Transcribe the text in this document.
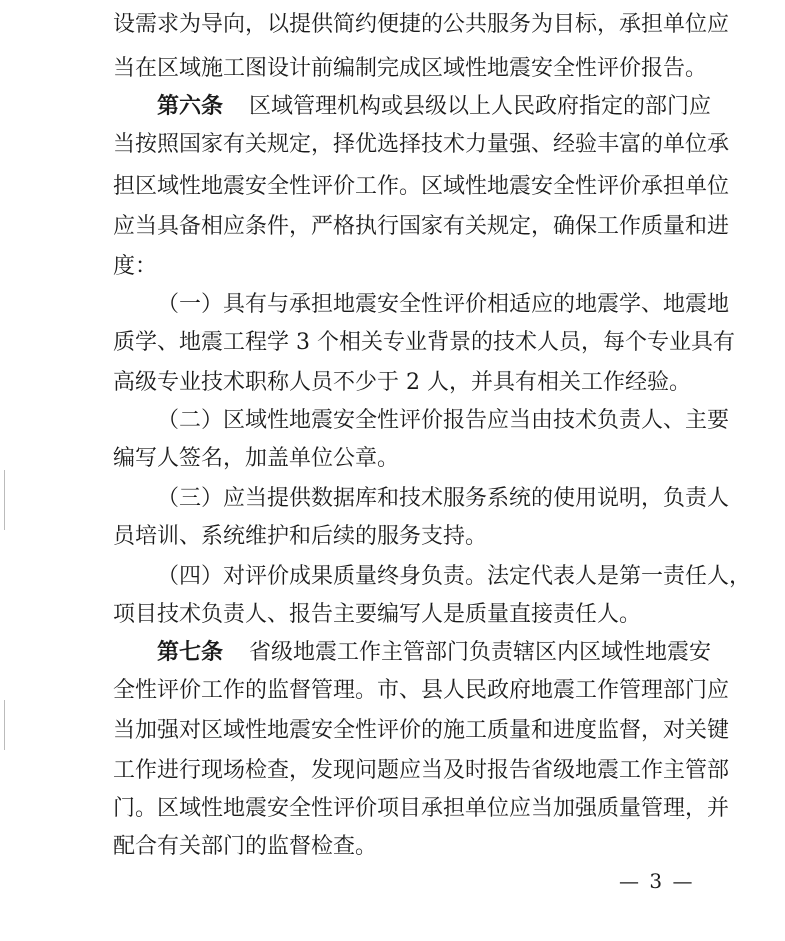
设需求为导向，以提供简约便捷的公共服务为目标，承担单位应
当在区域施工图设计前编制完成区域性地震安全性评价报告。
第六条 区域管理机构或县级以上人民政府指定的部门应
当按照国家有关规定，择优选择技术力量强、经验丰富的单位承
担区域性地震安全性评价工作。区域性地震安全性评价承担单位
应当具备相应条件，严格执行国家有关规定，确保工作质量和进
度：
（一）具有与承担地震安全性评价相适应的地震学、地震地
质学、地震工程学 3 个相关专业背景的技术人员，每个专业具有
高级专业技术职称人员不少于 2 人，并具有相关工作经验。
（二）区域性地震安全性评价报告应当由技术负责人、主要
编写人签名，加盖单位公章。
（三）应当提供数据库和技术服务系统的使用说明，负责人
员培训、系统维护和后续的服务支持。
（四）对评价成果质量终身负责。法定代表人是第一责任人，
项目技术负责人、报告主要编写人是质量直接责任人。
第七条 省级地震工作主管部门负责辖区内区域性地震安
全性评价工作的监督管理。市、县人民政府地震工作管理部门应
当加强对区域性地震安全性评价的施工质量和进度监督，对关键
工作进行现场检查，发现问题应当及时报告省级地震工作主管部
门。区域性地震安全性评价项目承担单位应当加强质量管理，并
配合有关部门的监督检查。
— 3 —
